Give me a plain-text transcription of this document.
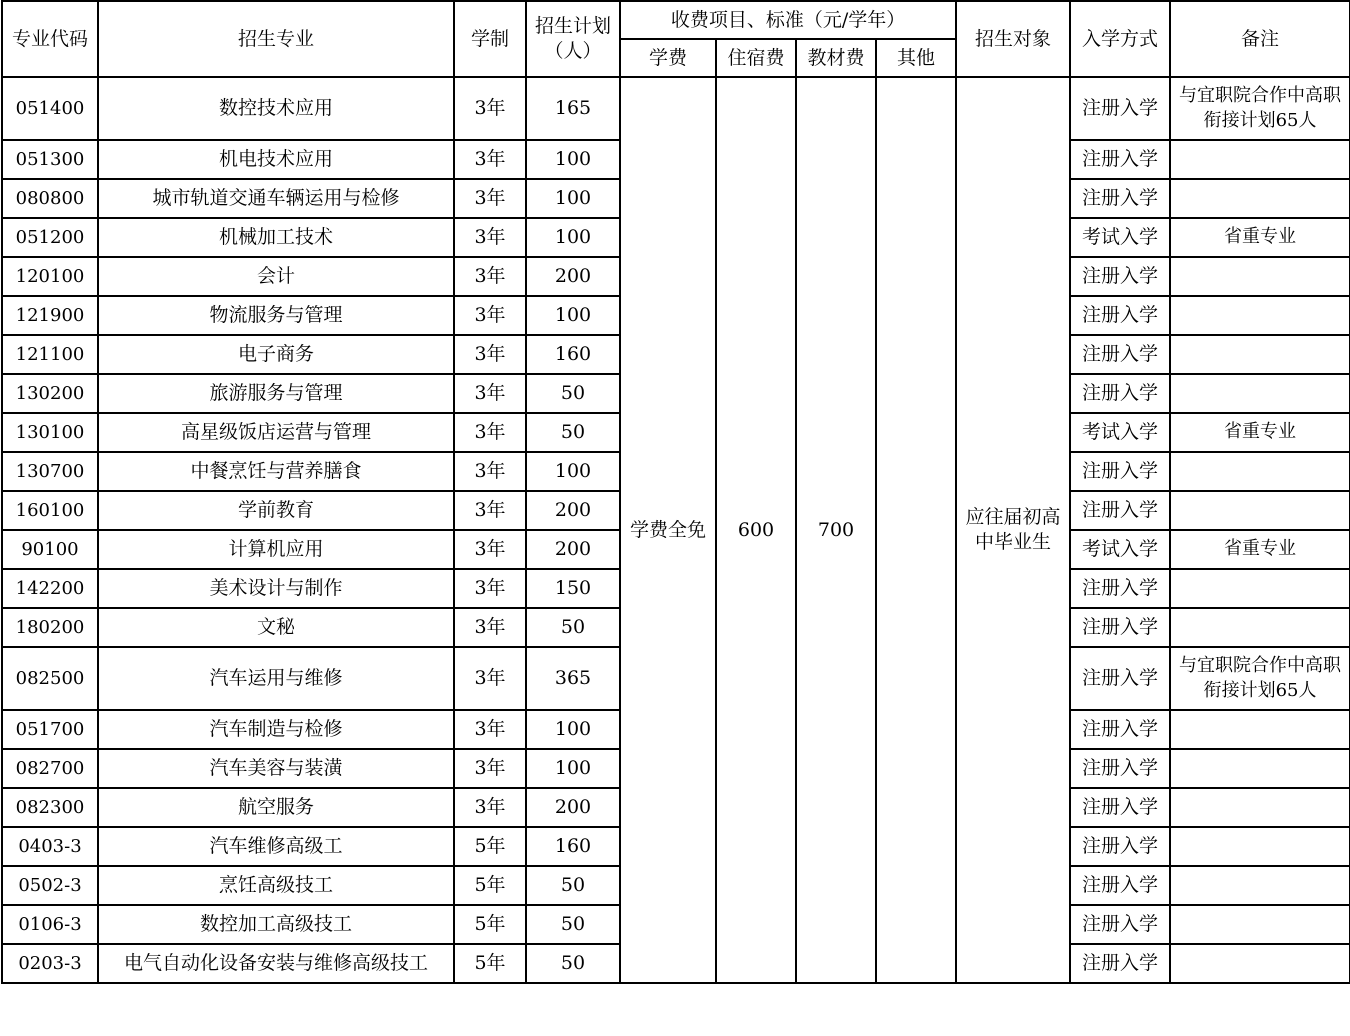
专业代码	招生专业	学制	招生计划（人）	收费项目、标准（元/学年）				招生对象	入学方式	备注
				学费	住宿费	教材费	其他			
051400	数控技术应用	3年	165	学费全免	600	700		应往届初高中毕业生	注册入学	与宜职院合作中高职衔接计划65人
051300	机电技术应用	3年	100						注册入学	
080800	城市轨道交通车辆运用与检修	3年	100						注册入学	
051200	机械加工技术	3年	100						考试入学	省重专业
120100	会计	3年	200						注册入学	
121900	物流服务与管理	3年	100						注册入学	
121100	电子商务	3年	160						注册入学	
130200	旅游服务与管理	3年	50						注册入学	
130100	高星级饭店运营与管理	3年	50						考试入学	省重专业
130700	中餐烹饪与营养膳食	3年	100						注册入学	
160100	学前教育	3年	200						注册入学	
90100	计算机应用	3年	200						考试入学	省重专业
142200	美术设计与制作	3年	150						注册入学	
180200	文秘	3年	50						注册入学	
082500	汽车运用与维修	3年	365						注册入学	与宜职院合作中高职衔接计划65人
051700	汽车制造与检修	3年	100						注册入学	
082700	汽车美容与装潢	3年	100						注册入学	
082300	航空服务	3年	200						注册入学	
0403-3	汽车维修高级工	5年	160						注册入学	
0502-3	烹饪高级技工	5年	50						注册入学	
0106-3	数控加工高级技工	5年	50						注册入学	
0203-3	电气自动化设备安装与维修高级技工	5年	50						注册入学	
